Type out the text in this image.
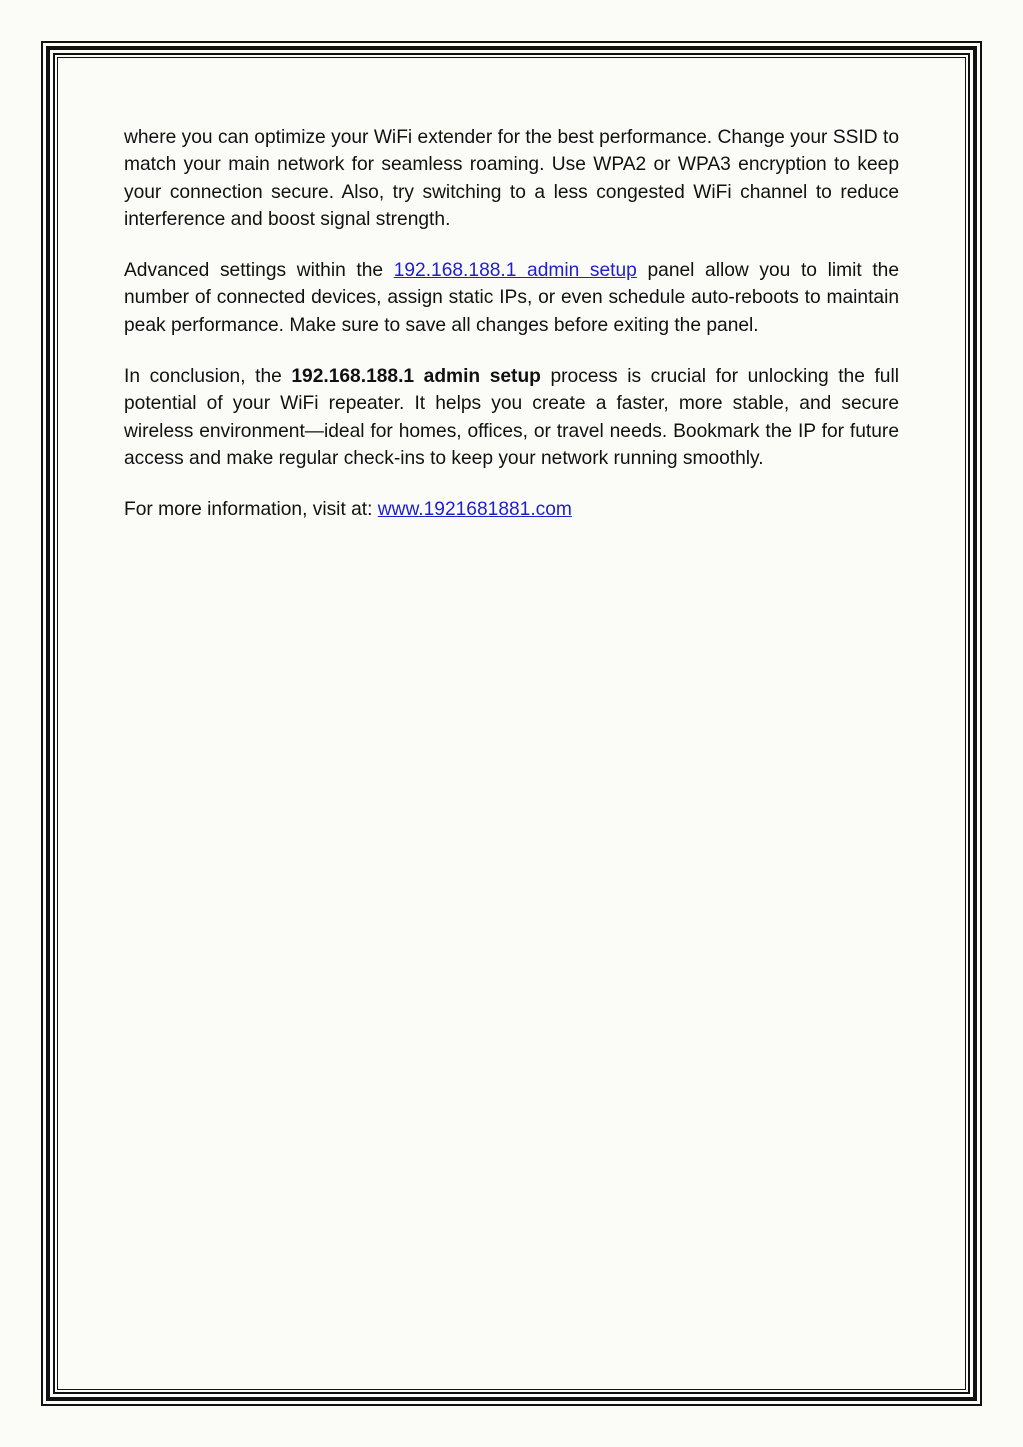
where you can optimize your WiFi extender for the best performance. Change your SSID to match your main network for seamless roaming. Use WPA2 or WPA3 encryption to keep your connection secure. Also, try switching to a less congested WiFi channel to reduce interference and boost signal strength.

Advanced settings within the 192.168.188.1 admin setup panel allow you to limit the number of connected devices, assign static IPs, or even schedule auto-reboots to maintain peak performance. Make sure to save all changes before exiting the panel.

In conclusion, the 192.168.188.1 admin setup process is crucial for unlocking the full potential of your WiFi repeater. It helps you create a faster, more stable, and secure wireless environment—ideal for homes, offices, or travel needs. Bookmark the IP for future access and make regular check-ins to keep your network running smoothly.

For more information, visit at: www.1921681881.com
